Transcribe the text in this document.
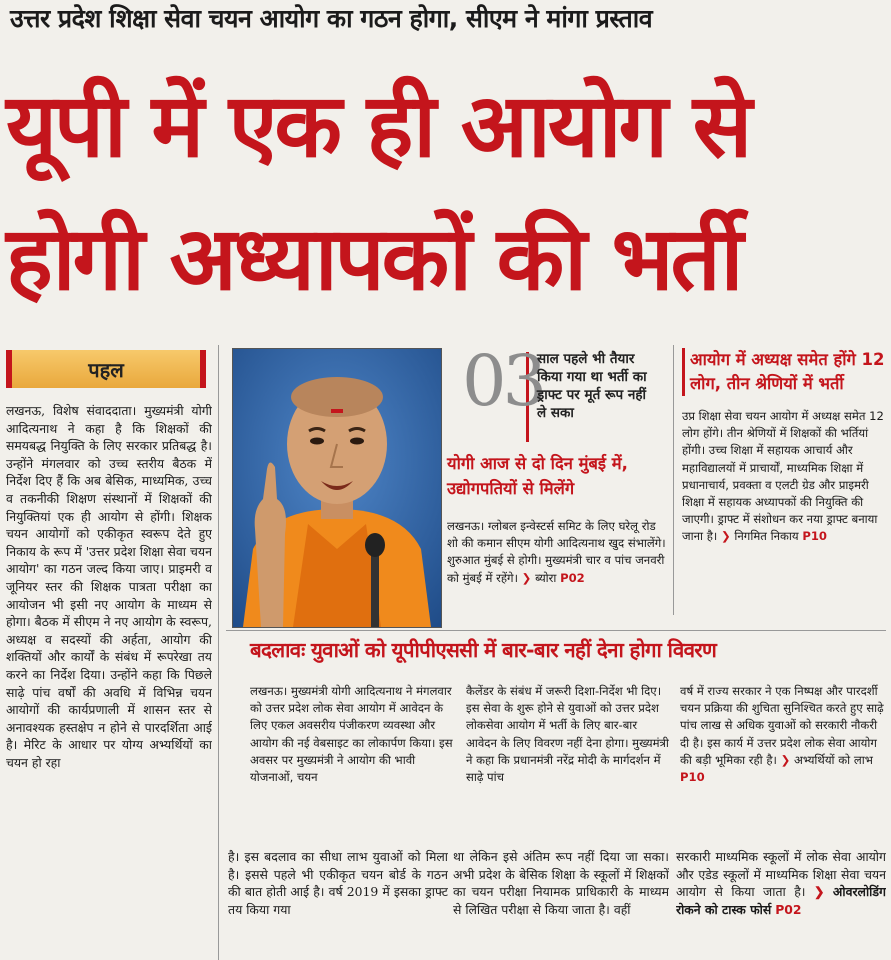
उत्तर प्रदेश शिक्षा सेवा चयन आयोग का गठन होगा, सीएम ने मांगा प्रस्ताव
यूपी में एक ही आयोग से
होगी अध्यापकों की भर्ती
पहल

लखनऊ, विशेष संवाददाता। मुख्यमंत्री योगी आदित्यनाथ ने कहा है कि शिक्षकों की समयबद्ध नियुक्ति के लिए सरकार प्रतिबद्ध है। उन्होंने मंगलवार को उच्च स्तरीय बैठक में निर्देश दिए हैं कि अब बेसिक, माध्यमिक, उच्च व तकनीकी शिक्षण संस्थानों में शिक्षकों की नियुक्तियां एक ही आयोग से होंगी। शिक्षक चयन आयोगों को एकीकृत स्वरूप देते हुए निकाय के रूप में 'उत्तर प्रदेश शिक्षा सेवा चयन आयोग' का गठन जल्द किया जाए। प्राइमरी व जूनियर स्तर की शिक्षक पात्रता परीक्षा का आयोजन भी इसी नए आयोग के माध्यम से होगा। बैठक में सीएम ने नए आयोग के स्वरूप, अध्यक्ष व सदस्यों की अर्हता, आयोग की शक्तियों और कार्यों के संबंध में रूपरेखा तय करने का निर्देश दिया। उन्होंने कहा कि पिछले साढ़े पांच वर्षों की अवधि में विभिन्न चयन आयोगों की कार्यप्रणाली में शासन स्तर से अनावश्यक हस्तक्षेप न होने से पारदर्शिता आई है। मेरिट के आधार पर योग्य अभ्यर्थियों का चयन हो रहा

03
साल पहले भी तैयार किया गया था भर्ती का ड्राफ्ट पर मूर्त रूप नहीं ले सका
योगी आज से दो दिन मुंबई में, उद्योगपतियों से मिलेंगे
लखनऊ। ग्लोबल इन्वेस्टर्स समिट के लिए घरेलू रोड शो की कमान सीएम योगी आदित्यनाथ खुद संभालेंगे। शुरुआत मुंबई से होगी। मुख्यमंत्री चार व पांच जनवरी को मुंबई में रहेंगे। ❯ ब्योरा P02
आयोग में अध्यक्ष समेत होंगे 12 लोग, तीन श्रेणियों में भर्ती
उप्र शिक्षा सेवा चयन आयोग में अध्यक्ष समेत 12 लोग होंगे। तीन श्रेणियों में शिक्षकों की भर्तियां होंगी। उच्च शिक्षा में सहायक आचार्य और महाविद्यालयों में प्राचार्यों, माध्यमिक शिक्षा में प्रधानाचार्य, प्रवक्ता व एलटी ग्रेड और प्राइमरी शिक्षा में सहायक अध्यापकों की नियुक्ति की जाएगी। ड्राफ्ट में संशोधन कर नया ड्राफ्ट बनाया जाना है। ❯ निगमित निकाय P10
बदलावः युवाओं को यूपीपीएससी में बार-बार नहीं देना होगा विवरण

लखनऊ। मुख्यमंत्री योगी आदित्यनाथ ने मंगलवार को उत्तर प्रदेश लोक सेवा आयोग में आवेदन के लिए एकल अवसरीय पंजीकरण व्यवस्था और आयोग की नई वेबसाइट का लोकार्पण किया। इस अवसर पर मुख्यमंत्री ने आयोग की भावी योजनाओं, चयन

कैलेंडर के संबंध में जरूरी दिशा-निर्देश भी दिए। इस सेवा के शुरू होने से युवाओं को उत्तर प्रदेश लोकसेवा आयोग में भर्ती के लिए बार-बार आवेदन के लिए विवरण नहीं देना होगा। मुख्यमंत्री ने कहा कि प्रधानमंत्री नरेंद्र मोदी के मार्गदर्शन में साढ़े पांच

वर्ष में राज्य सरकार ने एक निष्पक्ष और पारदर्शी चयन प्रक्रिया की शुचिता सुनिश्चित करते हुए साढ़े पांच लाख से अधिक युवाओं को सरकारी नौकरी दी है। इस कार्य में उत्तर प्रदेश लोक सेवा आयोग की बड़ी भूमिका रही है। ❯ अभ्यर्थियों को लाभ P10

है। इस बदलाव का सीधा लाभ युवाओं को मिला है। इससे पहले भी एकीकृत चयन बोर्ड के गठन की बात होती आई है। वर्ष 2019 में इसका ड्राफ्ट तय किया गया

था लेकिन इसे अंतिम रूप नहीं दिया जा सका। अभी प्रदेश के बेसिक शिक्षा के स्कूलों में शिक्षकों का चयन परीक्षा नियामक प्राधिकारी के माध्यम से लिखित परीक्षा से किया जाता है। वहीं

सरकारी माध्यमिक स्कूलों में लोक सेवा आयोग और एडेड स्कूलों में माध्यमिक शिक्षा सेवा चयन आयोग से किया जाता है। ❯ ओवरलोडिंग रोकने को टास्क फोर्स P02
